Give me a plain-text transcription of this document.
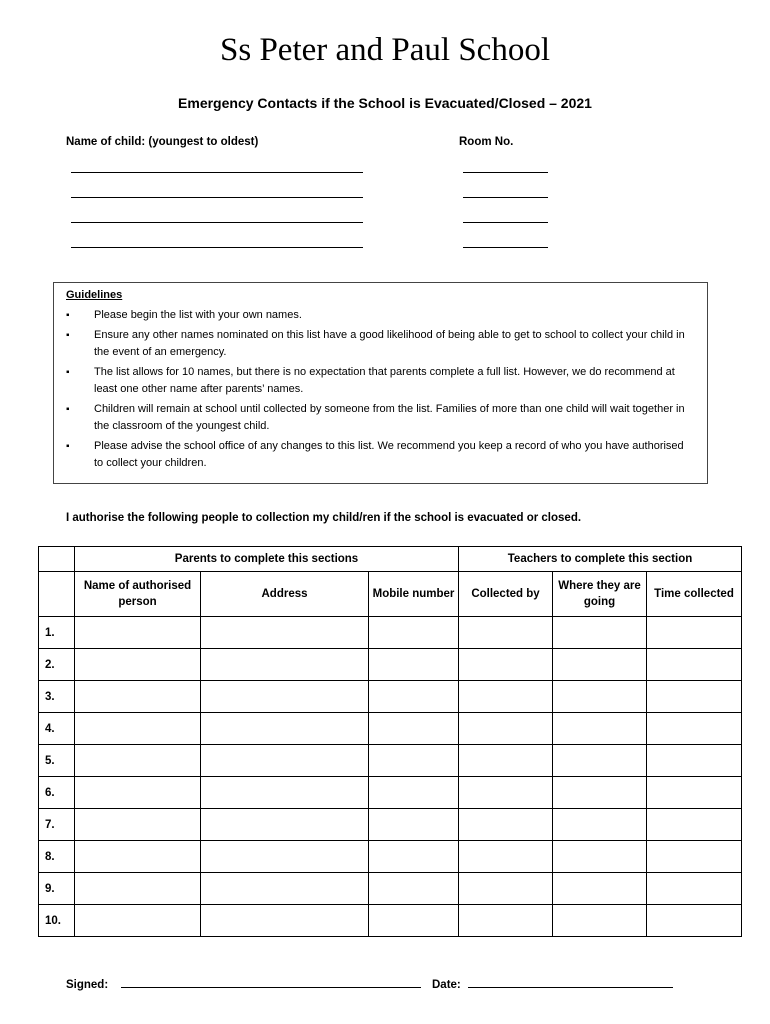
Ss Peter and Paul School
Emergency Contacts if the School is Evacuated/Closed – 2021
Name of child: (youngest to oldest)	Room No.
Guidelines
▪ Please begin the list with your own names.
▪ Ensure any other names nominated on this list have a good likelihood of being able to get to school to collect your child in the event of an emergency.
▪ The list allows for 10 names, but there is no expectation that parents complete a full list. However, we do recommend at least one other name after parents’ names.
▪ Children will remain at school until collected by someone from the list. Families of more than one child will wait together in the classroom of the youngest child.
▪ Please advise the school office of any changes to this list. We recommend you keep a record of who you have authorised to collect your children.
I authorise the following people to collection my child/ren if the school is evacuated or closed.
	Parents to complete this sections			Teachers to complete this section		
	Name of authorised person	Address	Mobile number	Collected by	Where they are going	Time collected
1.						
2.						
3.						
4.						
5.						
6.						
7.						
8.						
9.						
10.						
Signed:	Date:
